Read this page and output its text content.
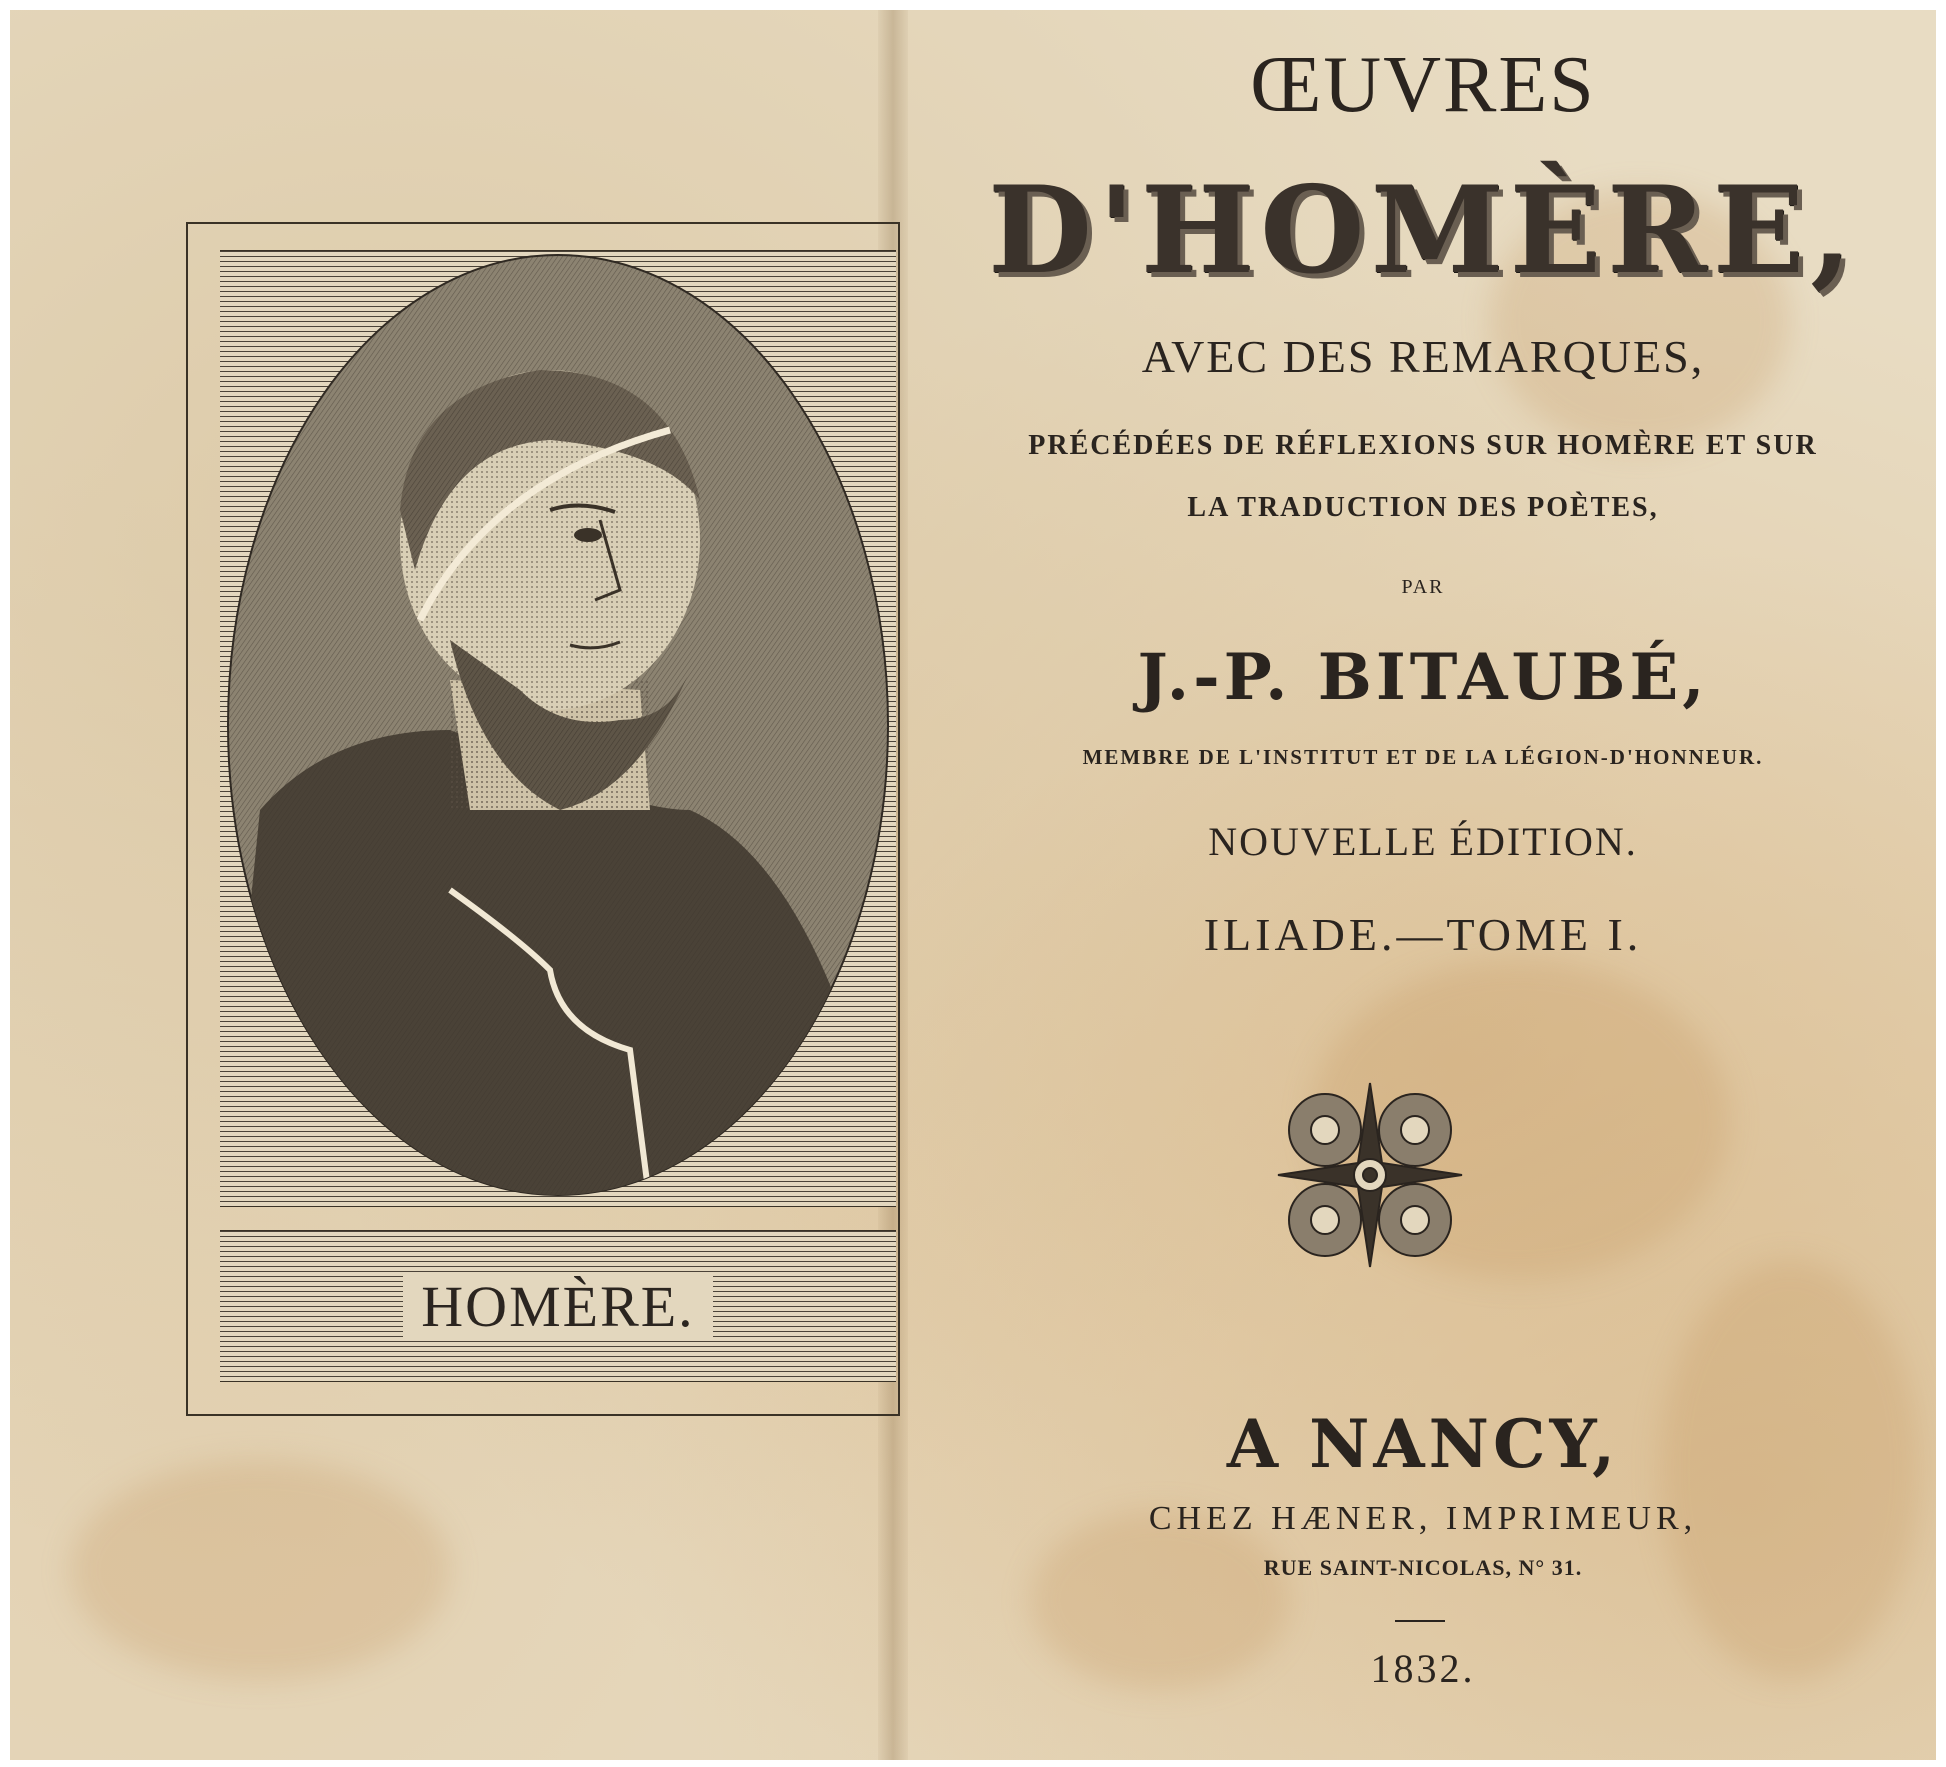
HOMÈRE.
ŒUVRES
D'HOMÈRE,
AVEC DES REMARQUES,
PRÉCÉDÉES DE RÉFLEXIONS SUR HOMÈRE ET SUR
LA TRADUCTION DES POÈTES,
PAR
J.-P. BITAUBÉ,
MEMBRE DE L'INSTITUT ET DE LA LÉGION-D'HONNEUR.
NOUVELLE ÉDITION.
ILIADE.—TOME I.
A NANCY,
CHEZ HÆNER, IMPRIMEUR,
RUE SAINT-NICOLAS, N° 31.
1832.
